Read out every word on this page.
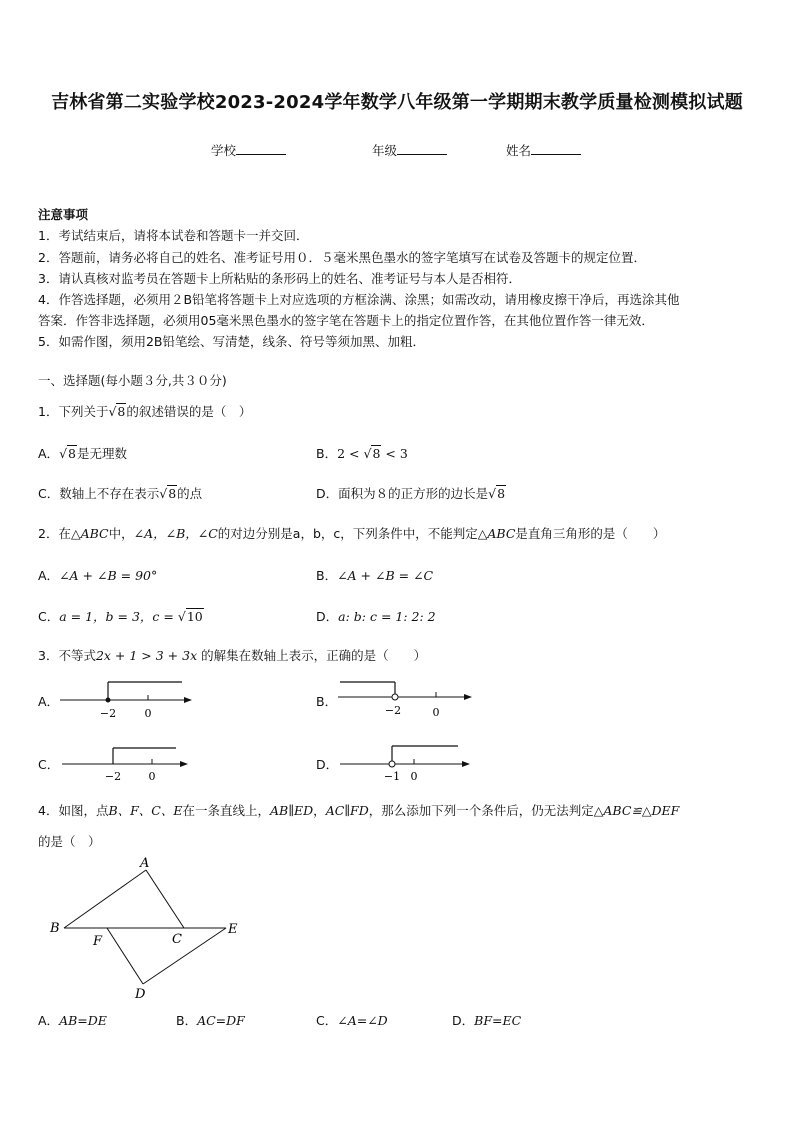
吉林省第二实验学校2023-2024学年数学八年级第一学期期末教学质量检测模拟试题
学校	年级	姓名
注意事项
1．考试结束后，请将本试卷和答题卡一并交回．
2．答题前，请务必将自己的姓名、准考证号用０．５毫米黑色墨水的签字笔填写在试卷及答题卡的规定位置．
3．请认真核对监考员在答题卡上所粘贴的条形码上的姓名、准考证号与本人是否相符．
4．作答选择题，必须用２B铅笔将答题卡上对应选项的方框涂满、涂黑；如需改动，请用橡皮擦干净后，再选涂其他
答案．作答非选择题，必须用05毫米黑色墨水的签字笔在答题卡上的指定位置作答，在其他位置作答一律无效．
5．如需作图，须用2B铅笔绘、写清楚，线条、符号等须加黑、加粗．
一、选择题(每小题３分,共３０分)
1．下列关于√8的叙述错误的是（　）
A．√8是无理数	B．2 < √8 < 3
C．数轴上不存在表示√8的点	D．面积为８的正方形的边长是√8
2．在△ABC中，∠A，∠B，∠C的对边分别是a，b，c，下列条件中，不能判定△ABC是直角三角形的是（　　）
A．∠A + ∠B = 90°	B．∠A + ∠B = ∠C
C．a = 1，b = 3，c = √10	D．a: b: c = 1: 2: 2
3．不等式2x + 1 > 3 + 3x 的解集在数轴上表示，正确的是（　　）
A．
−2	0
B．
−2	0
C．
−2 0
D．
−1 0
4．如图，点B、F、C、E在一条直线上，AB∥ED，AC∥FD，那么添加下列一个条件后，仍无法判定△ABC≌△DEF
的是（　）
A
B
C
D
E
F
A．AB=DE	B．AC=DF	C．∠A=∠D	D．BF=EC
